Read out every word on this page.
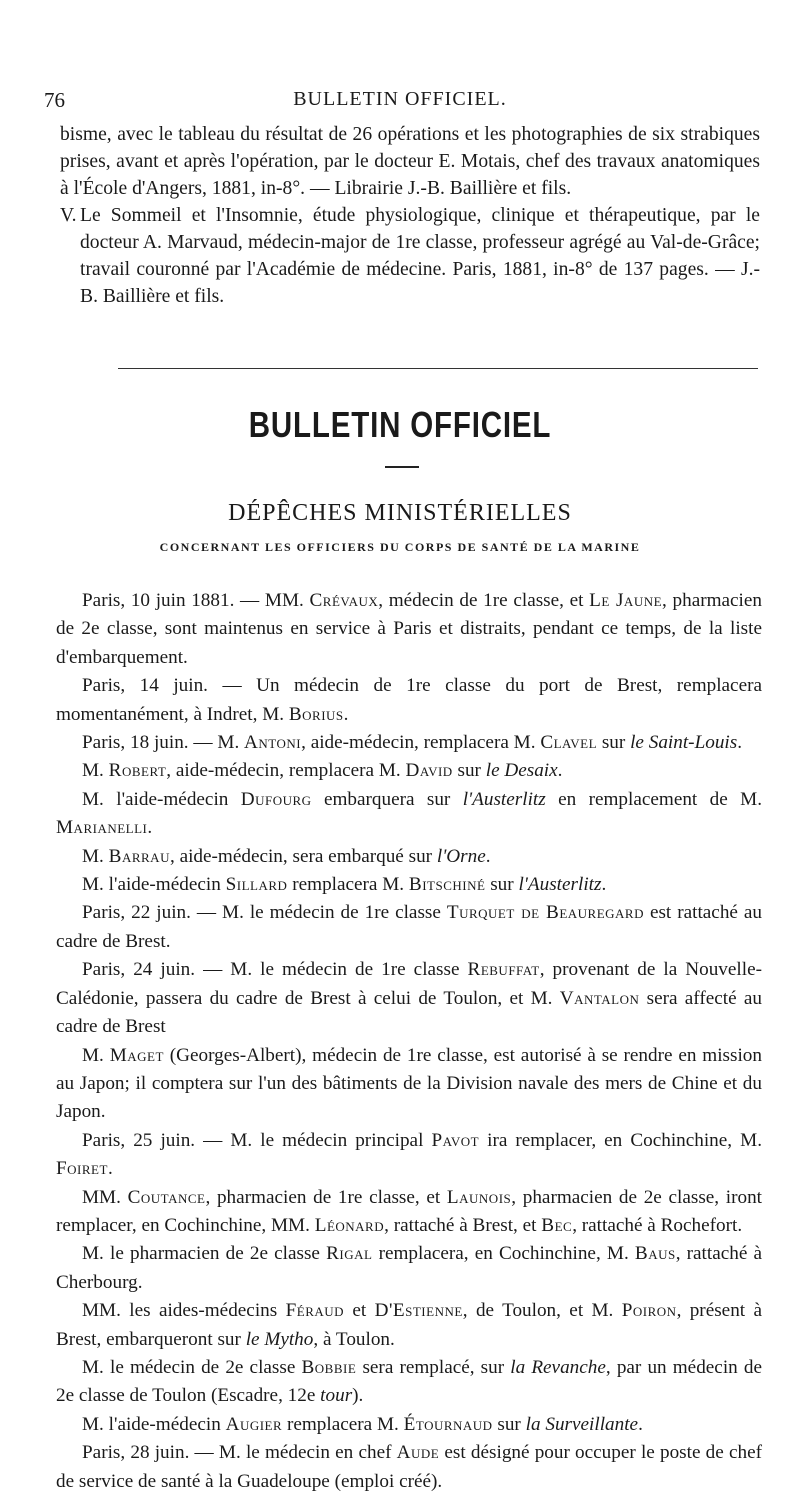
76	BULLETIN OFFICIEL.

bisme, avec le tableau du résultat de 26 opérations et les photographies de six strabiques prises, avant et après l'opération, par le docteur E. Motais, chef des travaux anatomiques à l'École d'Angers, 1881, in-8°. — Librairie J.-B. Baillière et fils.

V. Le Sommeil et l'Insomnie, étude physiologique, clinique et thérapeutique, par le docteur A. Marvaud, médecin-major de 1re classe, professeur agrégé au Val-de-Grâce; travail couronné par l'Académie de médecine. Paris, 1881, in-8° de 137 pages. — J.-B. Baillière et fils.

BULLETIN OFFICIEL
DÉPÊCHES MINISTÉRIELLES
CONCERNANT LES OFFICIERS DU CORPS DE SANTÉ DE LA MARINE

Paris, 10 juin 1881. — MM. Crévaux, médecin de 1re classe, et Le Jaune, pharmacien de 2e classe, sont maintenus en service à Paris et distraits, pendant ce temps, de la liste d'embarquement.

Paris, 14 juin. — Un médecin de 1re classe du port de Brest, remplacera momentanément, à Indret, M. Borius.

Paris, 18 juin. — M. Antoni, aide-médecin, remplacera M. Clavel sur le Saint-Louis.

M. Robert, aide-médecin, remplacera M. David sur le Desaix.

M. l'aide-médecin Dufourg embarquera sur l'Austerlitz en remplacement de M. Marianelli.

M. Barrau, aide-médecin, sera embarqué sur l'Orne.

M. l'aide-médecin Sillard remplacera M. Bitschiné sur l'Austerlitz.

Paris, 22 juin. — M. le médecin de 1re classe Turquet de Beauregard est rattaché au cadre de Brest.

Paris, 24 juin. — M. le médecin de 1re classe Rebuffat, provenant de la Nouvelle-Calédonie, passera du cadre de Brest à celui de Toulon, et M. Vantalon sera affecté au cadre de Brest

M. Maget (Georges-Albert), médecin de 1re classe, est autorisé à se rendre en mission au Japon; il comptera sur l'un des bâtiments de la Division navale des mers de Chine et du Japon.

Paris, 25 juin. — M. le médecin principal Pavot ira remplacer, en Cochinchine, M. Foiret.

MM. Coutance, pharmacien de 1re classe, et Launois, pharmacien de 2e classe, iront remplacer, en Cochinchine, MM. Léonard, rattaché à Brest, et Bec, rattaché à Rochefort.

M. le pharmacien de 2e classe Rigal remplacera, en Cochinchine, M. Baus, rattaché à Cherbourg.

MM. les aides-médecins Féraud et D'Estienne, de Toulon, et M. Poiron, présent à Brest, embarqueront sur le Mytho, à Toulon.

M. le médecin de 2e classe Bobbie sera remplacé, sur la Revanche, par un médecin de 2e classe de Toulon (Escadre, 12e tour).

M. l'aide-médecin Augier remplacera M. Étournaud sur la Surveillante.

Paris, 28 juin. — M. le médecin en chef Aude est désigné pour occuper le poste de chef de service de santé à la Guadeloupe (emploi créé).
